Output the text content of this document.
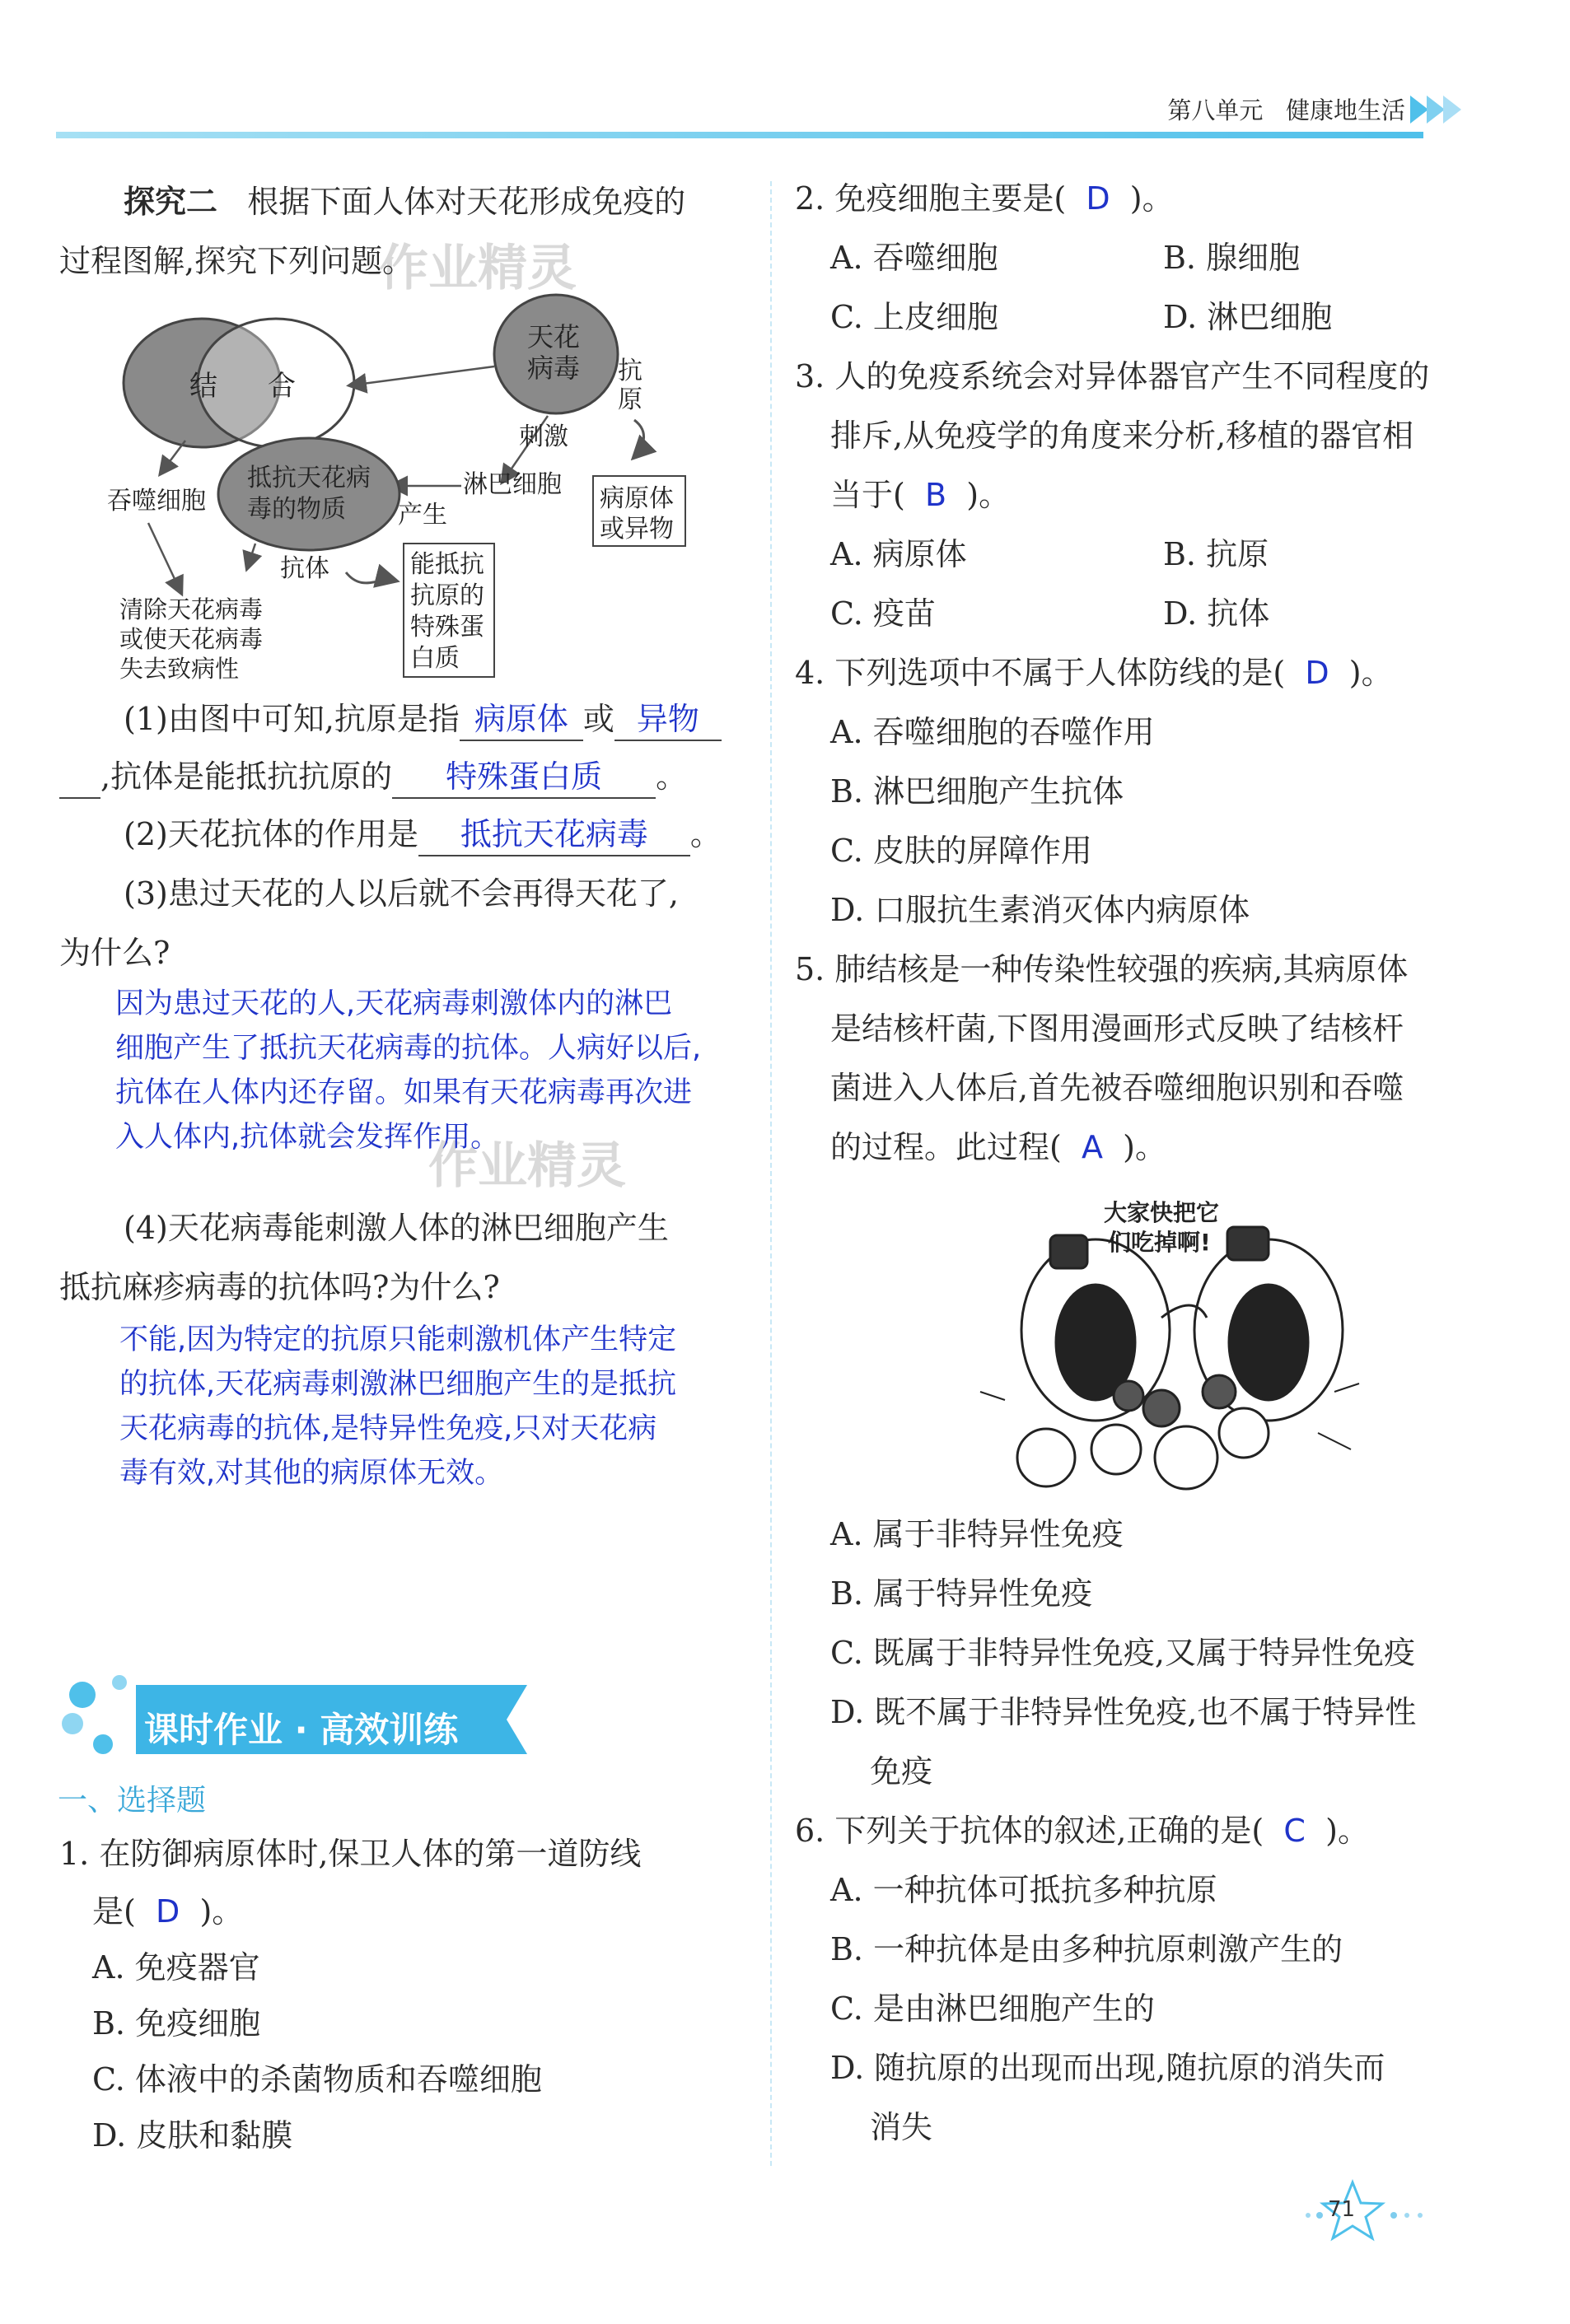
第八单元 健康地生活
作业精灵
作业精灵
探究二 根据下面人体对天花形成免疫的
过程图解,探究下列问题。
结 合
天花
病毒 抗
原
刺激
淋巴细胞 病原体
或异物
抵抗天花病
毒的物质 产生
吞噬细胞
抗体	能抵抗
抗原的
特殊蛋
白质
清除天花病毒
或使天花病毒
失去致病性
(1)由图中可知,抗原是指 病原体 或 异物
,抗体是能抵抗抗原的 特殊蛋白质 。
(2)天花抗体的作用是 抵抗天花病毒 。
(3)患过天花的人以后就不会再得天花了,
为什么?
因为患过天花的人,天花病毒刺激体内的淋巴
细胞产生了抵抗天花病毒的抗体。人病好以后,
抗体在人体内还存留。如果有天花病毒再次进
入人体内,抗体就会发挥作用。
(4)天花病毒能刺激人体的淋巴细胞产生
抵抗麻疹病毒的抗体吗?为什么?
不能,因为特定的抗原只能刺激机体产生特定
的抗体,天花病毒刺激淋巴细胞产生的是抵抗
天花病毒的抗体,是特异性免疫,只对天花病
毒有效,对其他的病原体无效。
课时作业 · 高效训练
一、选择题
1. 在防御病原体时,保卫人体的第一道防线
是( D )。
A. 免疫器官
B. 免疫细胞
C. 体液中的杀菌物质和吞噬细胞
D. 皮肤和黏膜
2. 免疫细胞主要是( D )。
A. 吞噬细胞	B. 腺细胞
C. 上皮细胞	D. 淋巴细胞
3. 人的免疫系统会对异体器官产生不同程度的
排斥,从免疫学的角度来分析,移植的器官相
当于( B )。
A. 病原体	B. 抗原
C. 疫苗	D. 抗体
4. 下列选项中不属于人体防线的是( D )。
A. 吞噬细胞的吞噬作用
B. 淋巴细胞产生抗体
C. 皮肤的屏障作用
D. 口服抗生素消灭体内病原体
5. 肺结核是一种传染性较强的疾病,其病原体
是结核杆菌,下图用漫画形式反映了结核杆
菌进入人体后,首先被吞噬细胞识别和吞噬
的过程。此过程( A )。
大家快把它
们吃掉啊!
A. 属于非特异性免疫
B. 属于特异性免疫
C. 既属于非特异性免疫,又属于特异性免疫
D. 既不属于非特异性免疫,也不属于特异性
免疫
6. 下列关于抗体的叙述,正确的是( C )。
A. 一种抗体可抵抗多种抗原
B. 一种抗体是由多种抗原刺激产生的
C. 是由淋巴细胞产生的
D. 随抗原的出现而出现,随抗原的消失而
消失
71
